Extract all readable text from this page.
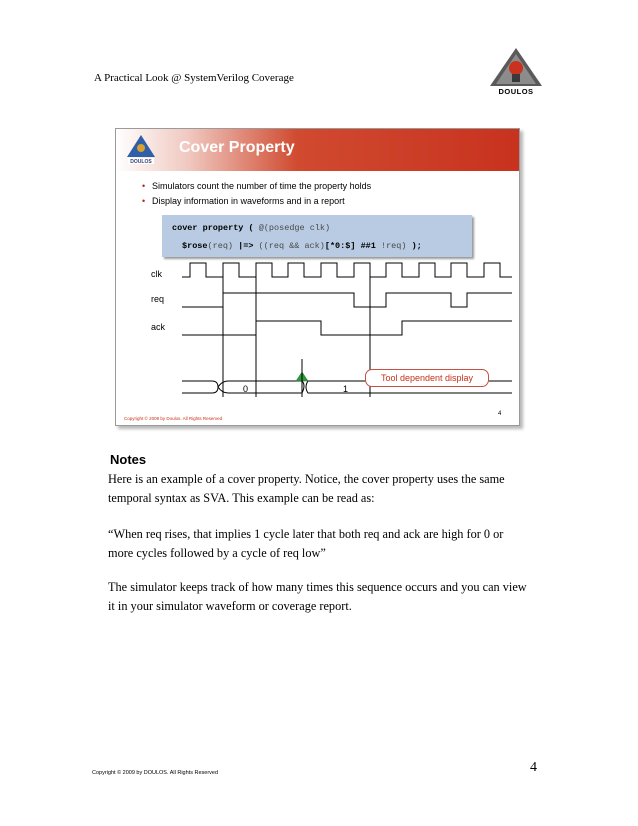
A Practical Look @ SystemVerilog Coverage
DOULOS
DOULOS
Cover Property
• Simulators count the number of time the property holds
• Display information in waveforms and in a report
cover property ( @(posedge clk)
$rose(req) |=> ((req && ack)[*0:$] ##1 !req) );
clk
req
ack
0	1
Tool dependent display
4
Copyright © 2009 by Doulos. All Rights Reserved
Notes
Here is an example of a cover property. Notice, the cover property uses the same temporal syntax as SVA. This example can be read as:
“When req rises, that implies 1 cycle later that both req and ack are high for 0 or more cycles followed by a cycle of req low”
The simulator keeps track of how many times this sequence occurs and you can view it in your simulator waveform or coverage report.
Copyright © 2009 by DOULOS. All Rights Reserved	4
